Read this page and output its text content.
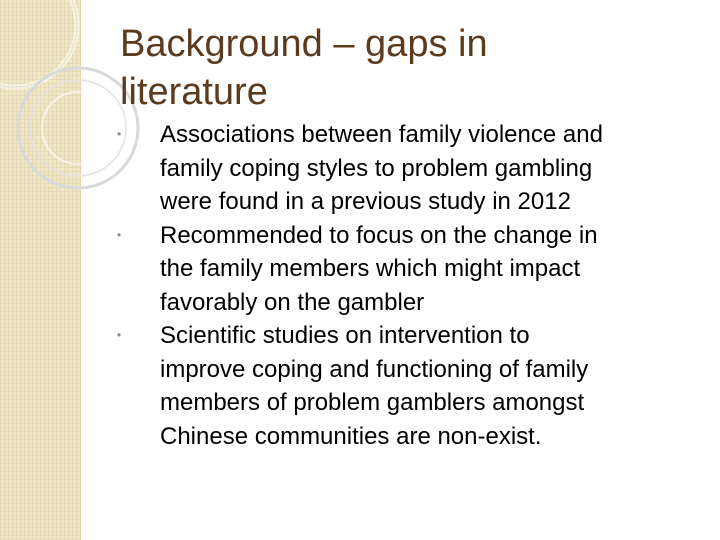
Background – gaps in
literature
• Associations between family violence and
family coping styles to problem gambling
were found in a previous study in 2012
• Recommended to focus on the change in
the family members which might impact
favorably on the gambler
• Scientific studies on intervention to
improve coping and functioning of family
members of problem gamblers amongst
Chinese communities are non-exist.
